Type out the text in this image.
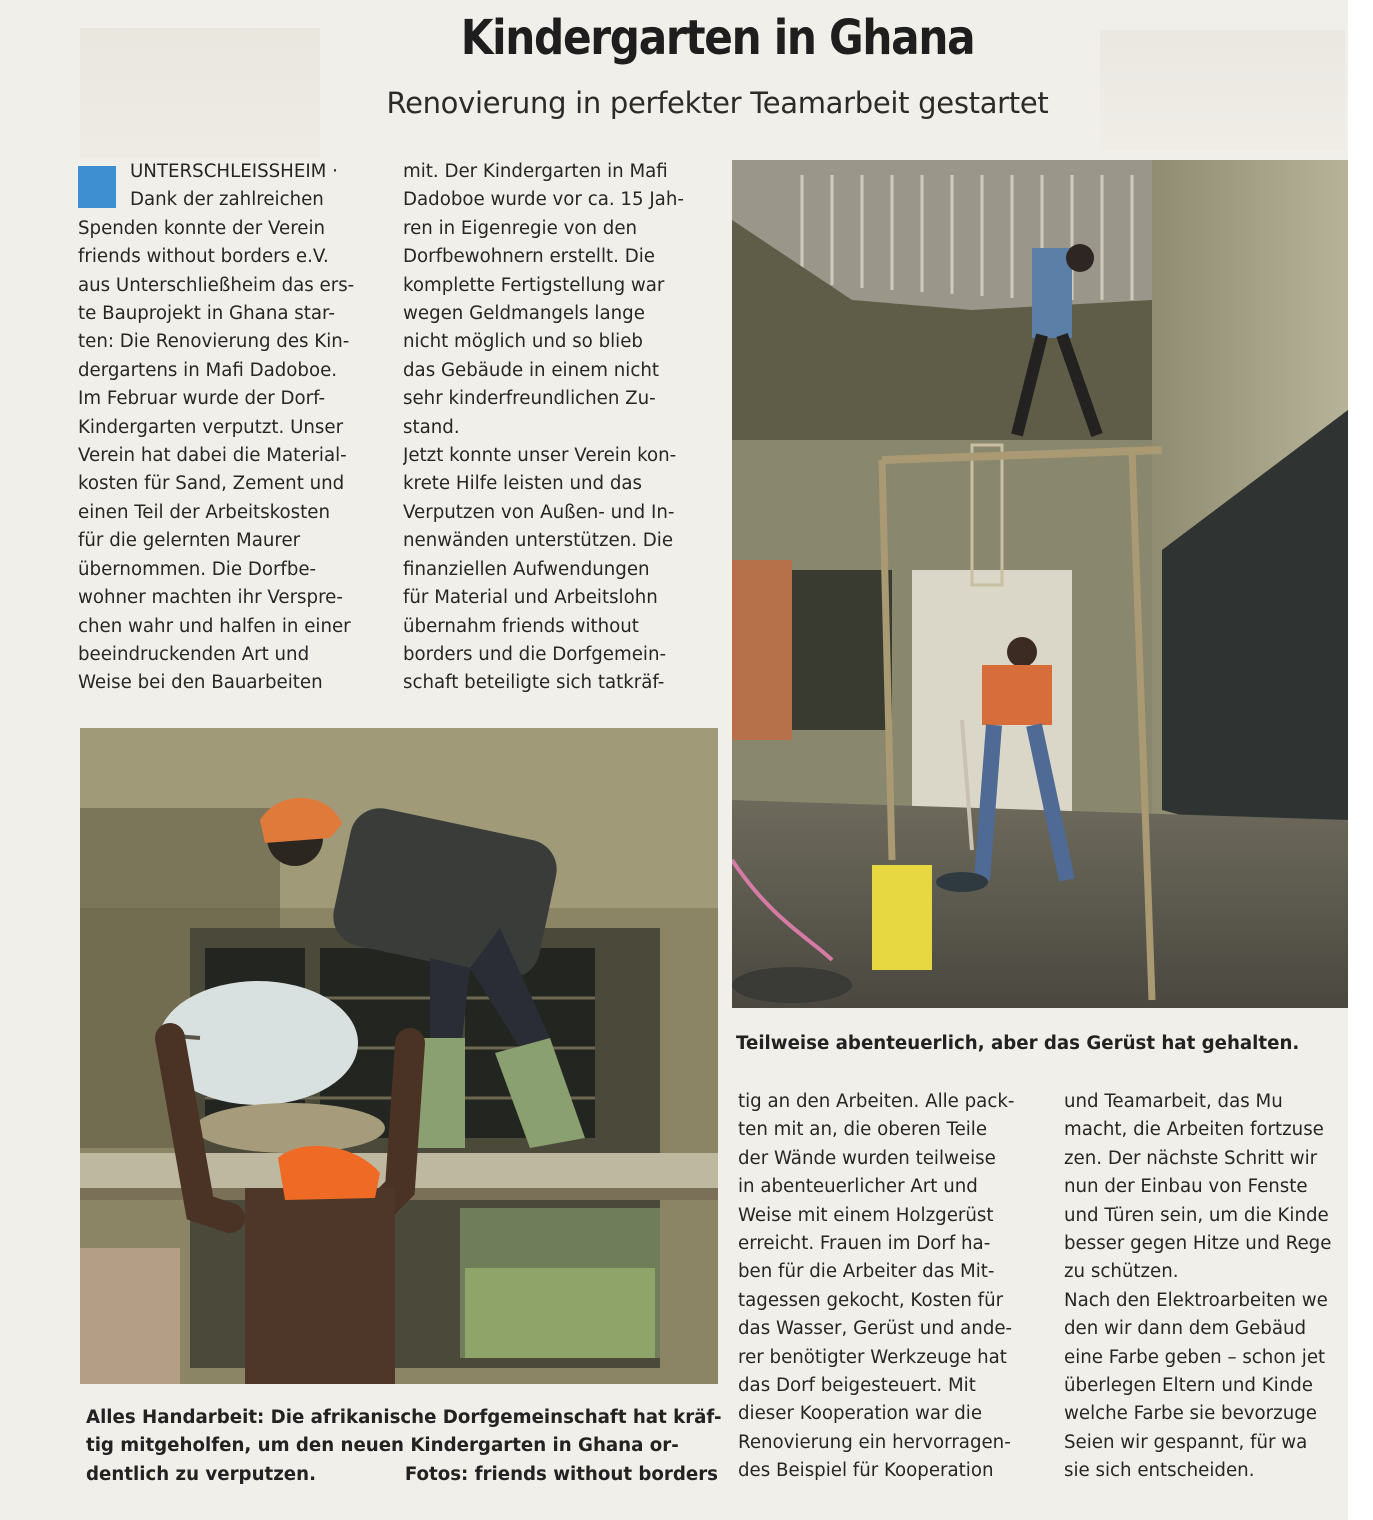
Kindergarten in Ghana
Renovierung in perfekter Teamarbeit gestartet
UNTERSCHLEISSHEIM ·
Dank der zahlreichen
Spenden konnte der Verein
friends without borders e.V.
aus Unterschließheim das ers-
te Bauprojekt in Ghana star-
ten: Die Renovierung des Kin-
dergartens in Mafi Dadoboe.
Im Februar wurde der Dorf-
Kindergarten verputzt. Unser
Verein hat dabei die Material-
kosten für Sand, Zement und
einen Teil der Arbeitskosten
für die gelernten Maurer
übernommen. Die Dorfbe-
wohner machten ihr Verspre-
chen wahr und halfen in einer
beeindruckenden Art und
Weise bei den Bauarbeiten
mit. Der Kindergarten in Mafi
Dadoboe wurde vor ca. 15 Jah-
ren in Eigenregie von den
Dorfbewohnern erstellt. Die
komplette Fertigstellung war
wegen Geldmangels lange
nicht möglich und so blieb
das Gebäude in einem nicht
sehr kinderfreundlichen Zu-
stand.
Jetzt konnte unser Verein kon-
krete Hilfe leisten und das
Verputzen von Außen- und In-
nenwänden unterstützen. Die
finanziellen Aufwendungen
für Material und Arbeitslohn
übernahm friends without
borders und die Dorfgemein-
schaft beteiligte sich tatkräf-
Teilweise abenteuerlich, aber das Gerüst hat gehalten.
Alles Handarbeit: Die afrikanische Dorfgemeinschaft hat kräf-
tig mitgeholfen, um den neuen Kindergarten in Ghana or-
dentlich zu verputzen.	Fotos: friends without borders
tig an den Arbeiten. Alle pack-
ten mit an, die oberen Teile
der Wände wurden teilweise
in abenteuerlicher Art und
Weise mit einem Holzgerüst
erreicht. Frauen im Dorf ha-
ben für die Arbeiter das Mit-
tagessen gekocht, Kosten für
das Wasser, Gerüst und ande-
rer benötigter Werkzeuge hat
das Dorf beigesteuert. Mit
dieser Kooperation war die
Renovierung ein hervorragen-
des Beispiel für Kooperation
und Teamarbeit, das Mu
macht, die Arbeiten fortzuse
zen. Der nächste Schritt wir
nun der Einbau von Fenste
und Türen sein, um die Kinde
besser gegen Hitze und Rege
zu schützen.
Nach den Elektroarbeiten we
den wir dann dem Gebäud
eine Farbe geben – schon jet
überlegen Eltern und Kinde
welche Farbe sie bevorzuge
Seien wir gespannt, für wa
sie sich entscheiden.
